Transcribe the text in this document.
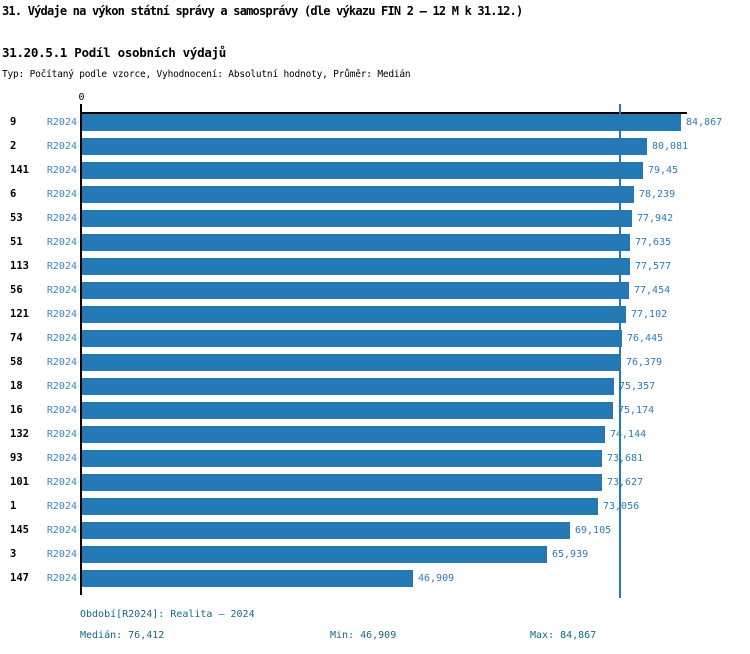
31. Výdaje na výkon státní správy a samosprávy (dle výkazu FIN 2 – 12 M k 31.12.)
31.20.5.1 Podíl osobních výdajů
Typ: Počítaný podle vzorce, Vyhodnocení: Absolutní hodnoty, Průměr: Medián
0
9	R2024	84,867
2	R2024	80,081
141	R2024	79,45
6	R2024	78,239
53	R2024	77,942
51	R2024	77,635
113	R2024	77,577
56	R2024	77,454
121	R2024	77,102
74	R2024	76,445
58	R2024	76,379
18	R2024	75,357
16	R2024	75,174
132	R2024	74,144
93	R2024	73,681
101	R2024	73,627
1	R2024	73,056
145	R2024	69,105
3	R2024	65,939
147	R2024	46,909
Období[R2024]: Realita – 2024
Medián: 76,412	Min: 46,909	Max: 84,867
